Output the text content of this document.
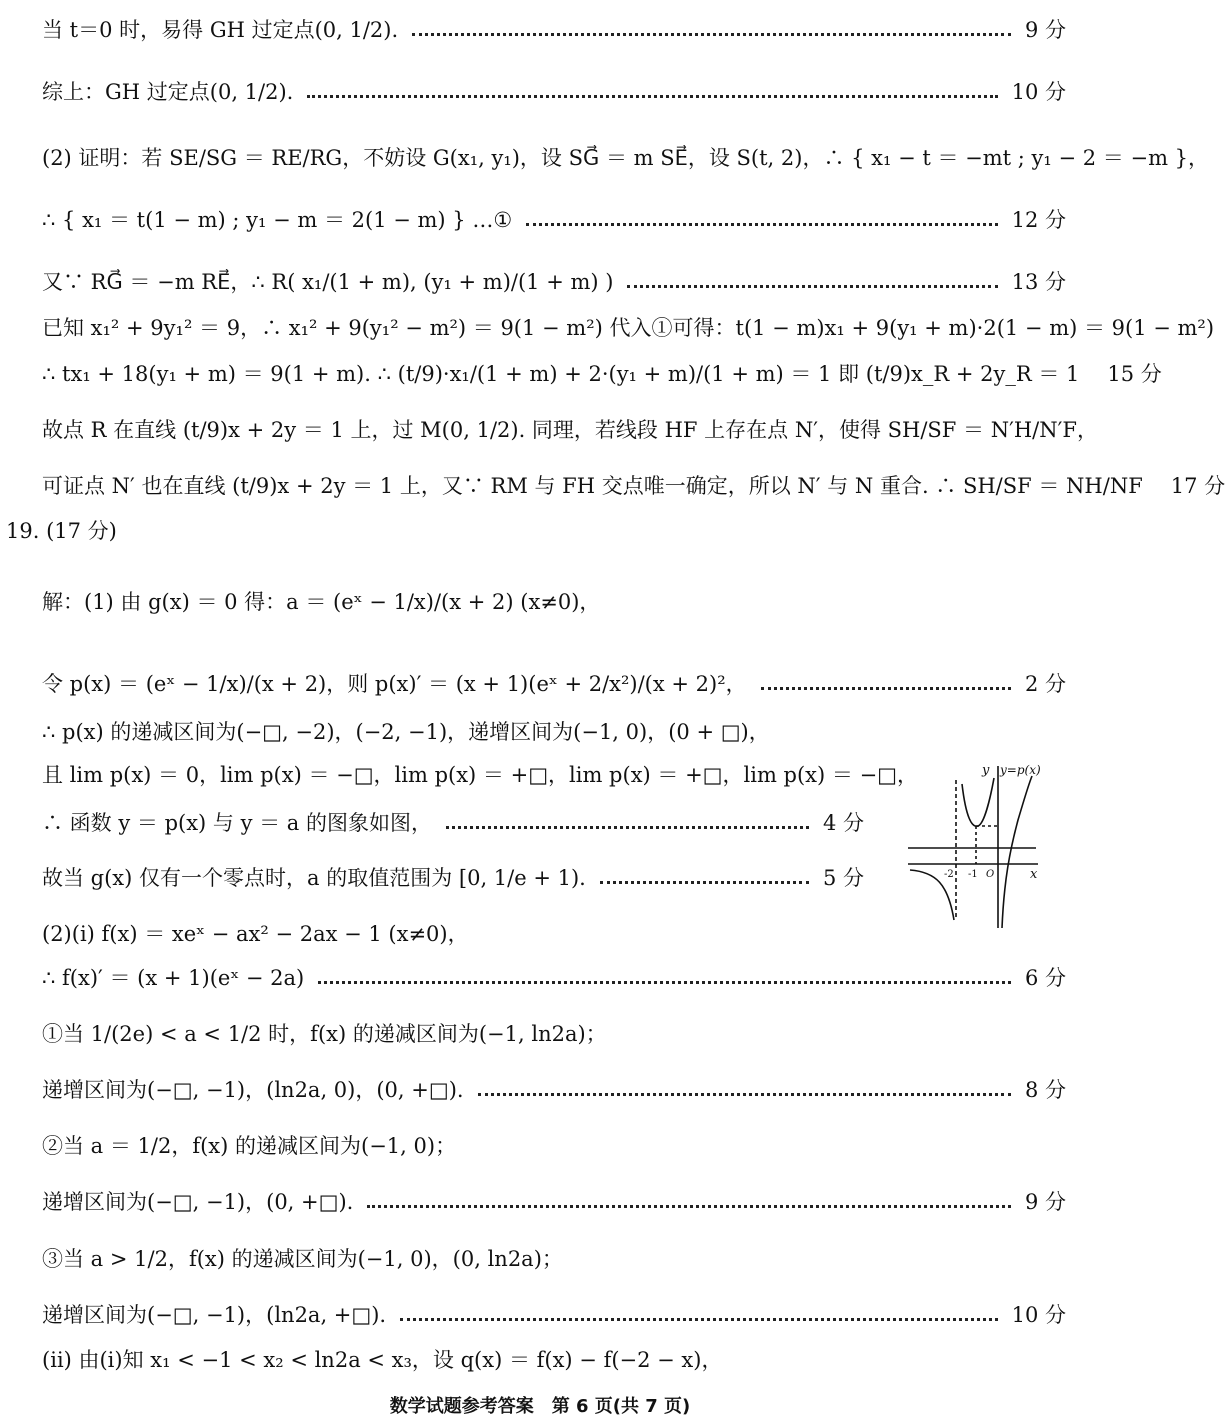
当 t＝0 时，易得 GH 过定点(0, 1/2).	9 分
综上：GH 过定点(0, 1/2).	10 分
(2) 证明：若 SE/SG ＝ RE/RG，不妨设 G(x₁, y₁)，设 SG⃗ ＝ m SE⃗，设 S(t, 2)，∴ { x₁ − t ＝ −mt ; y₁ − 2 ＝ −m }，
∴ { x₁ ＝ t(1 − m) ; y₁ − m ＝ 2(1 − m) } …①	12 分
又∵ RG⃗ ＝ −m RE⃗，∴ R( x₁/(1 + m), (y₁ + m)/(1 + m) )	13 分
已知 x₁² + 9y₁² ＝ 9，∴ x₁² + 9(y₁² − m²) ＝ 9(1 − m²) 代入①可得：t(1 − m)x₁ + 9(y₁ + m)·2(1 − m) ＝ 9(1 − m²)
∴ tx₁ + 18(y₁ + m) ＝ 9(1 + m). ∴ (t/9)·x₁/(1 + m) + 2·(y₁ + m)/(1 + m) ＝ 1 即 (t/9)x_R + 2y_R ＝ 1 15 分
故点 R 在直线 (t/9)x + 2y ＝ 1 上，过 M(0, 1/2). 同理，若线段 HF 上存在点 N′，使得 SH/SF ＝ N′H/N′F，
可证点 N′ 也在直线 (t/9)x + 2y ＝ 1 上，又∵ RM 与 FH 交点唯一确定，所以 N′ 与 N 重合. ∴ SH/SF ＝ NH/NF 17 分
19. (17 分)
解：(1) 由 g(x) ＝ 0 得：a ＝ (eˣ − 1/x)/(x + 2) (x≠0)，
令 p(x) ＝ (eˣ − 1/x)/(x + 2)，则 p(x)′ ＝ (x + 1)(eˣ + 2/x²)/(x + 2)²，	2 分
∴ p(x) 的递减区间为(−□, −2)，(−2, −1)，递增区间为(−1, 0)，(0 + □)，
且 lim p(x) ＝ 0，lim p(x) ＝ −□，lim p(x) ＝ +□，lim p(x) ＝ +□，lim p(x) ＝ −□，
∴ 函数 y ＝ p(x) 与 y ＝ a 的图象如图，	4 分
故当 g(x) 仅有一个零点时，a 的取值范围为 [0, 1/e + 1).	5 分
(2)(ⅰ) f(x) ＝ xeˣ − ax² − 2ax − 1 (x≠0)，
∴ f(x)′ ＝ (x + 1)(eˣ − 2a)	6 分
①当 1/(2e) < a < 1/2 时，f(x) 的递减区间为(−1, ln2a)；
递增区间为(−□, −1)，(ln2a, 0)，(0, +□).	8 分
②当 a ＝ 1/2，f(x) 的递减区间为(−1, 0)；
递增区间为(−□, −1)，(0, +□).	9 分
③当 a > 1/2，f(x) 的递减区间为(−1, 0)，(0, ln2a)；
递增区间为(−□, −1)，(ln2a, +□).	10 分
(ⅱ) 由(ⅰ)知 x₁ < −1 < x₂ < ln2a < x₃，设 q(x) ＝ f(x) − f(−2 − x)，
y y=p(x)
x
-2 -1 O
数学试题参考答案　第 6 页(共 7 页)
